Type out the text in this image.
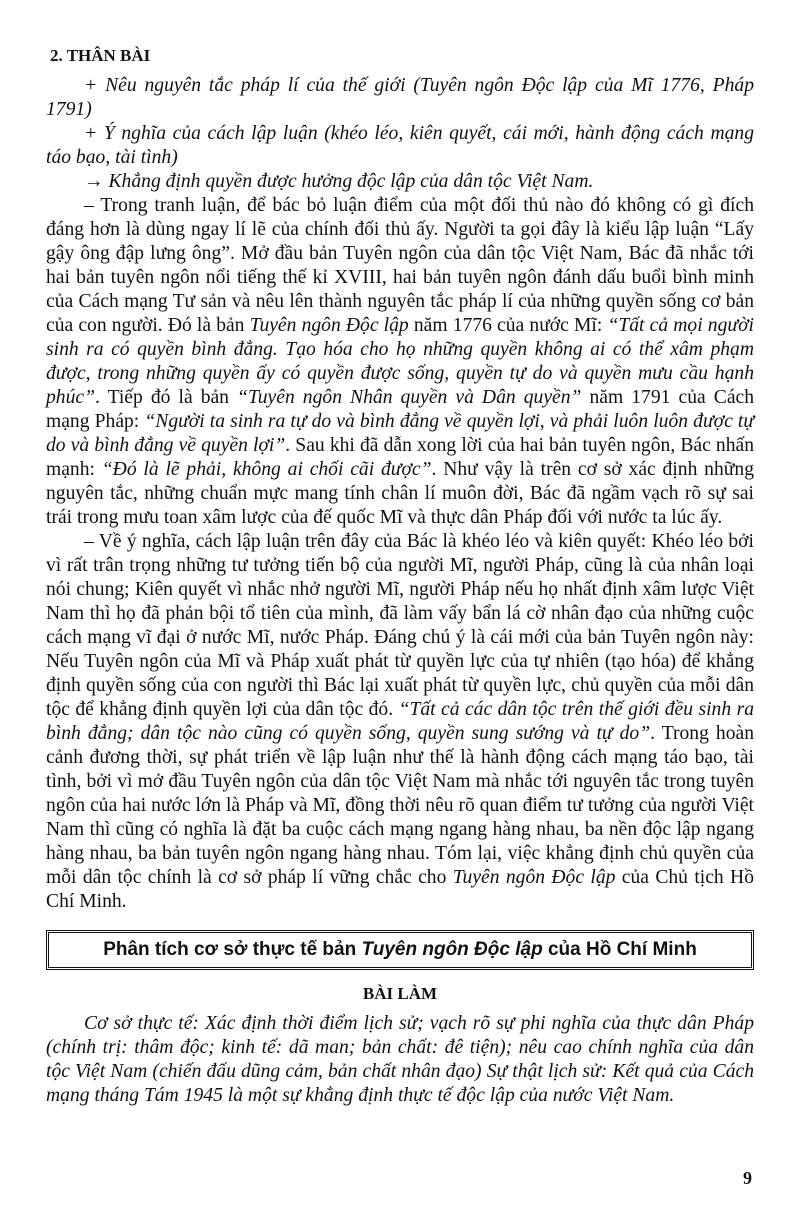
2. THÂN BÀI

+ Nêu nguyên tắc pháp lí của thế giới (Tuyên ngôn Độc lập của Mĩ 1776, Pháp 1791)

+ Ý nghĩa của cách lập luận (khéo léo, kiên quyết, cái mới, hành động cách mạng táo bạo, tài tình)

→ Khẳng định quyền được hưởng độc lập của dân tộc Việt Nam.

– Trong tranh luận, để bác bỏ luận điểm của một đối thủ nào đó không có gì đích đáng hơn là dùng ngay lí lẽ của chính đối thủ ấy. Người ta gọi đây là kiểu lập luận “Lấy gậy ông đập lưng ông”. Mở đầu bản Tuyên ngôn của dân tộc Việt Nam, Bác đã nhắc tới hai bản tuyên ngôn nổi tiếng thế kỉ XVIII, hai bản tuyên ngôn đánh dấu buổi bình minh của Cách mạng Tư sản và nêu lên thành nguyên tắc pháp lí của những quyền sống cơ bản của con người. Đó là bản Tuyên ngôn Độc lập năm 1776 của nước Mĩ: “Tất cả mọi người sinh ra có quyền bình đẳng. Tạo hóa cho họ những quyền không ai có thể xâm phạm được, trong những quyền ấy có quyền được sống, quyền tự do và quyền mưu cầu hạnh phúc”. Tiếp đó là bản “Tuyên ngôn Nhân quyền và Dân quyền” năm 1791 của Cách mạng Pháp: “Người ta sinh ra tự do và bình đẳng về quyền lợi, và phải luôn luôn được tự do và bình đẳng về quyền lợi”. Sau khi đã dẫn xong lời của hai bản tuyên ngôn, Bác nhấn mạnh: “Đó là lẽ phải, không ai chối cãi được”. Như vậy là trên cơ sở xác định những nguyên tắc, những chuẩn mực mang tính chân lí muôn đời, Bác đã ngầm vạch rõ sự sai trái trong mưu toan xâm lược của đế quốc Mĩ và thực dân Pháp đối với nước ta lúc ấy.

– Về ý nghĩa, cách lập luận trên đây của Bác là khéo léo và kiên quyết: Khéo léo bởi vì rất trân trọng những tư tưởng tiến bộ của người Mĩ, người Pháp, cũng là của nhân loại nói chung; Kiên quyết vì nhắc nhở người Mĩ, người Pháp nếu họ nhất định xâm lược Việt Nam thì họ đã phản bội tổ tiên của mình, đã làm vấy bẩn lá cờ nhân đạo của những cuộc cách mạng vĩ đại ở nước Mĩ, nước Pháp. Đáng chú ý là cái mới của bản Tuyên ngôn này: Nếu Tuyên ngôn của Mĩ và Pháp xuất phát từ quyền lực của tự nhiên (tạo hóa) để khẳng định quyền sống của con người thì Bác lại xuất phát từ quyền lực, chủ quyền của mỗi dân tộc để khẳng định quyền lợi của dân tộc đó. “Tất cả các dân tộc trên thế giới đều sinh ra bình đẳng; dân tộc nào cũng có quyền sống, quyền sung sướng và tự do”. Trong hoàn cảnh đương thời, sự phát triển về lập luận như thế là hành động cách mạng táo bạo, tài tình, bởi vì mở đầu Tuyên ngôn của dân tộc Việt Nam mà nhắc tới nguyên tắc trong tuyên ngôn của hai nước lớn là Pháp và Mĩ, đồng thời nêu rõ quan điểm tư tưởng của người Việt Nam thì cũng có nghĩa là đặt ba cuộc cách mạng ngang hàng nhau, ba nền độc lập ngang hàng nhau, ba bản tuyên ngôn ngang hàng nhau. Tóm lại, việc khẳng định chủ quyền của mỗi dân tộc chính là cơ sở pháp lí vững chắc cho Tuyên ngôn Độc lập của Chủ tịch Hồ Chí Minh.

Phân tích cơ sở thực tế bản Tuyên ngôn Độc lập của Hồ Chí Minh
BÀI LÀM

Cơ sở thực tế: Xác định thời điểm lịch sử; vạch rõ sự phi nghĩa của thực dân Pháp (chính trị: thâm độc; kinh tế: dã man; bản chất: đê tiện); nêu cao chính nghĩa của dân tộc Việt Nam (chiến đấu dũng cảm, bản chất nhân đạo) Sự thật lịch sử: Kết quả của Cách mạng tháng Tám 1945 là một sự khẳng định thực tế độc lập của nước Việt Nam.

9
